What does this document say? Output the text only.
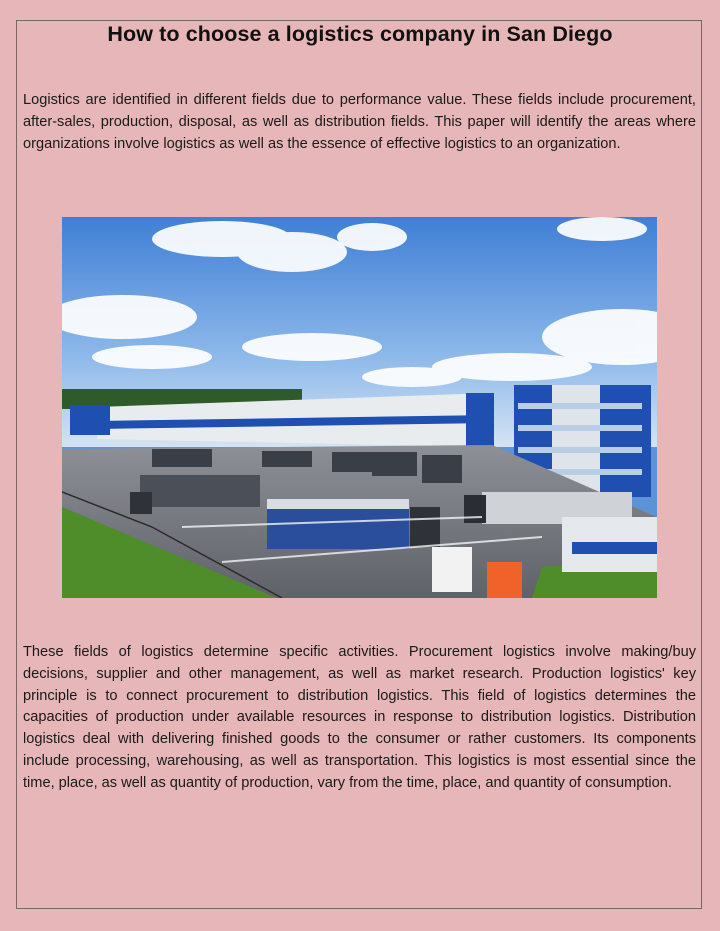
How to choose a logistics company in San Diego

Logistics are identified in different fields due to performance value. These fields include procurement, after-sales, production, disposal, as well as distribution fields. This paper will identify the areas where organizations involve logistics as well as the essence of effective logistics to an organization.

These fields of logistics determine specific activities. Procurement logistics involve making/buy decisions, supplier and other management, as well as market research. Production logistics' key principle is to connect procurement to distribution logistics. This field of logistics determines the capacities of production under available resources in response to distribution logistics. Distribution logistics deal with delivering finished goods to the consumer or rather customers. Its components include processing, warehousing, as well as transportation. This logistics is most essential since the time, place, as well as quantity of production, vary from the time, place, and quantity of consumption.
